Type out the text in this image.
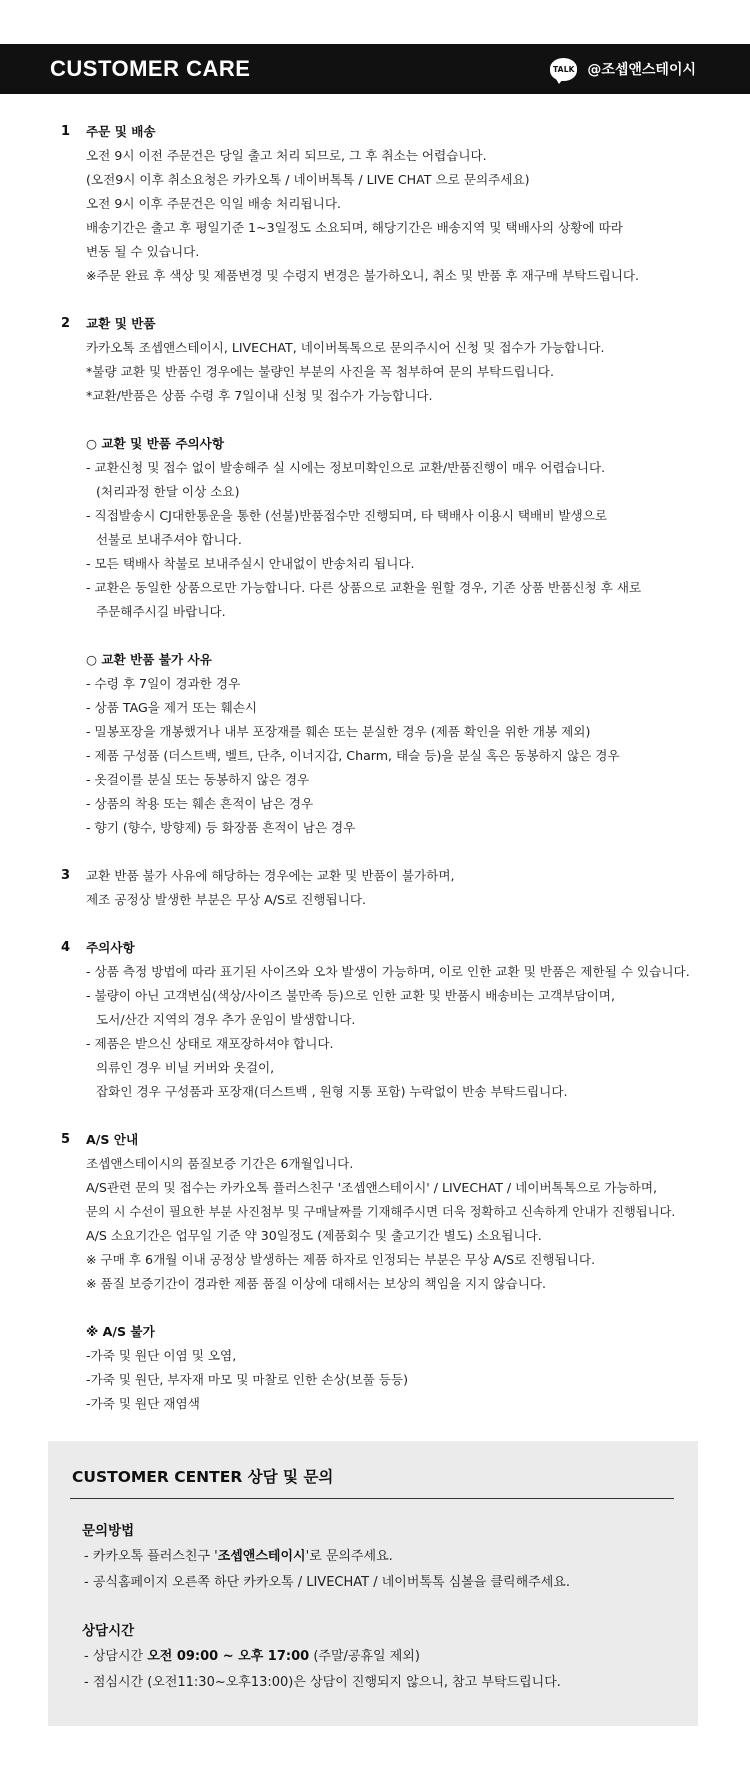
CUSTOMER CARE	TALK @조셉앤스테이시
1 주문 및 배송
오전 9시 이전 주문건은 당일 출고 처리 되므로, 그 후 취소는 어렵습니다.
(오전9시 이후 취소요청은 카카오톡 / 네이버톡톡 / LIVE CHAT 으로 문의주세요)
오전 9시 이후 주문건은 익일 배송 처리됩니다.
배송기간은 출고 후 평일기준 1~3일정도 소요되며, 해당기간은 배송지역 및 택배사의 상황에 따라
변동 될 수 있습니다.
※주문 완료 후 색상 및 제품변경 및 수령지 변경은 불가하오니, 취소 및 반품 후 재구매 부탁드립니다.
2 교환 및 반품
카카오톡 조셉앤스테이시, LIVECHAT, 네이버톡톡으로 문의주시어 신청 및 접수가 가능합니다.
*불량 교환 및 반품인 경우에는 불량인 부분의 사진을 꼭 첨부하여 문의 부탁드립니다.
*교환/반품은 상품 수령 후 7일이내 신청 및 접수가 가능합니다.
○ 교환 및 반품 주의사항
- 교환신청 및 접수 없이 발송해주 실 시에는 정보미확인으로 교환/반품진행이 매우 어렵습니다.
(처리과정 한달 이상 소요)
- 직접발송시 CJ대한통운을 통한 (선불)반품접수만 진행되며, 타 택배사 이용시 택배비 발생으로
선불로 보내주셔야 합니다.
- 모든 택배사 착불로 보내주실시 안내없이 반송처리 됩니다.
- 교환은 동일한 상품으로만 가능합니다. 다른 상품으로 교환을 원할 경우, 기존 상품 반품신청 후 새로
주문해주시길 바랍니다.
○ 교환 반품 불가 사유
- 수령 후 7일이 경과한 경우
- 상품 TAG을 제거 또는 훼손시
- 밀봉포장을 개봉했거나 내부 포장재를 훼손 또는 분실한 경우 (제품 확인을 위한 개봉 제외)
- 제품 구성품 (더스트백, 벨트, 단추, 이너지갑, Charm, 태슬 등)을 분실 혹은 동봉하지 않은 경우
- 옷걸이를 분실 또는 동봉하지 않은 경우
- 상품의 착용 또는 훼손 흔적이 남은 경우
- 향기 (향수, 방향제) 등 화장품 흔적이 남은 경우
3 교환 반품 불가 사유에 해당하는 경우에는 교환 및 반품이 불가하며,
제조 공정상 발생한 부분은 무상 A/S로 진행됩니다.
4 주의사항
- 상품 측정 방법에 따라 표기된 사이즈와 오차 발생이 가능하며, 이로 인한 교환 및 반품은 제한될 수 있습니다.
- 불량이 아닌 고객변심(색상/사이즈 불만족 등)으로 인한 교환 및 반품시 배송비는 고객부담이며,
도서/산간 지역의 경우 추가 운임이 발생합니다.
- 제품은 받으신 상태로 재포장하셔야 합니다.
의류인 경우 비닐 커버와 옷걸이,
잡화인 경우 구성품과 포장재(더스트백 , 원형 지통 포함) 누락없이 반송 부탁드립니다.
5 A/S 안내
조셉앤스테이시의 품질보증 기간은 6개월입니다.
A/S관련 문의 및 접수는 카카오톡 플러스친구 '조셉앤스테이시' / LIVECHAT / 네이버톡톡으로 가능하며,
문의 시 수선이 필요한 부분 사진첨부 및 구매날짜를 기재해주시면 더욱 정확하고 신속하게 안내가 진행됩니다.
A/S 소요기간은 업무일 기준 약 30일정도 (제품회수 및 출고기간 별도) 소요됩니다.
※ 구매 후 6개월 이내 공정상 발생하는 제품 하자로 인정되는 부분은 무상 A/S로 진행됩니다.
※ 품질 보증기간이 경과한 제품 품질 이상에 대해서는 보상의 책임을 지지 않습니다.
※ A/S 불가
-가죽 및 원단 이염 및 오염,
-가죽 및 원단, 부자재 마모 및 마찰로 인한 손상(보풀 등등)
-가죽 및 원단 재염색
CUSTOMER CENTER 상담 및 문의
문의방법
- 카카오톡 플러스친구 '조셉앤스테이시'로 문의주세요.
- 공식홈페이지 오른쪽 하단 카카오톡 / LIVECHAT / 네이버톡톡 심볼을 클릭해주세요.
상담시간
- 상담시간 오전 09:00 ~ 오후 17:00 (주말/공휴일 제외)
- 점심시간 (오전11:30~오후13:00)은 상담이 진행되지 않으니, 참고 부탁드립니다.
